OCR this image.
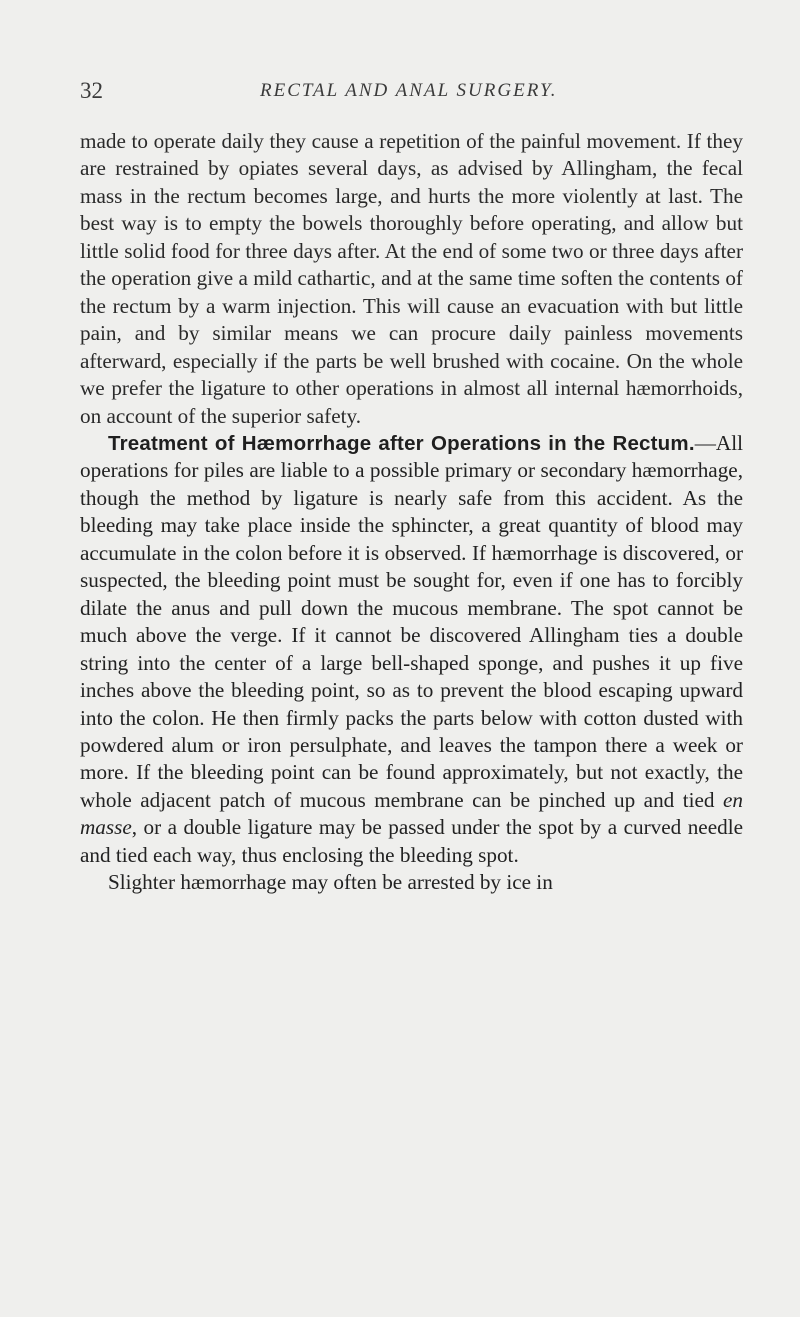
32	RECTAL AND ANAL SURGERY.

made to operate daily they cause a repetition of the painful movement. If they are restrained by opiates several days, as advised by Allingham, the fecal mass in the rectum becomes large, and hurts the more violently at last. The best way is to empty the bowels thoroughly before operating, and allow but little solid food for three days after. At the end of some two or three days after the operation give a mild cathartic, and at the same time soften the contents of the rectum by a warm injection. This will cause an evacuation with but little pain, and by similar means we can procure daily painless movements afterward, especially if the parts be well brushed with cocaine. On the whole we prefer the ligature to other operations in almost all internal hæmorrhoids, on account of the superior safety.

Treatment of Hæmorrhage after Operations in the Rectum.—All operations for piles are liable to a possible primary or secondary hæmorrhage, though the method by ligature is nearly safe from this accident. As the bleeding may take place inside the sphincter, a great quantity of blood may accumulate in the colon before it is observed. If hæmorrhage is discovered, or suspected, the bleeding point must be sought for, even if one has to forcibly dilate the anus and pull down the mucous membrane. The spot cannot be much above the verge. If it cannot be discovered Allingham ties a double string into the center of a large bell-shaped sponge, and pushes it up five inches above the bleeding point, so as to prevent the blood escaping upward into the colon. He then firmly packs the parts below with cotton dusted with powdered alum or iron persulphate, and leaves the tampon there a week or more. If the bleeding point can be found approximately, but not exactly, the whole adjacent patch of mucous membrane can be pinched up and tied en masse, or a double ligature may be passed under the spot by a curved needle and tied each way, thus enclosing the bleeding spot.

Slighter hæmorrhage may often be arrested by ice in
